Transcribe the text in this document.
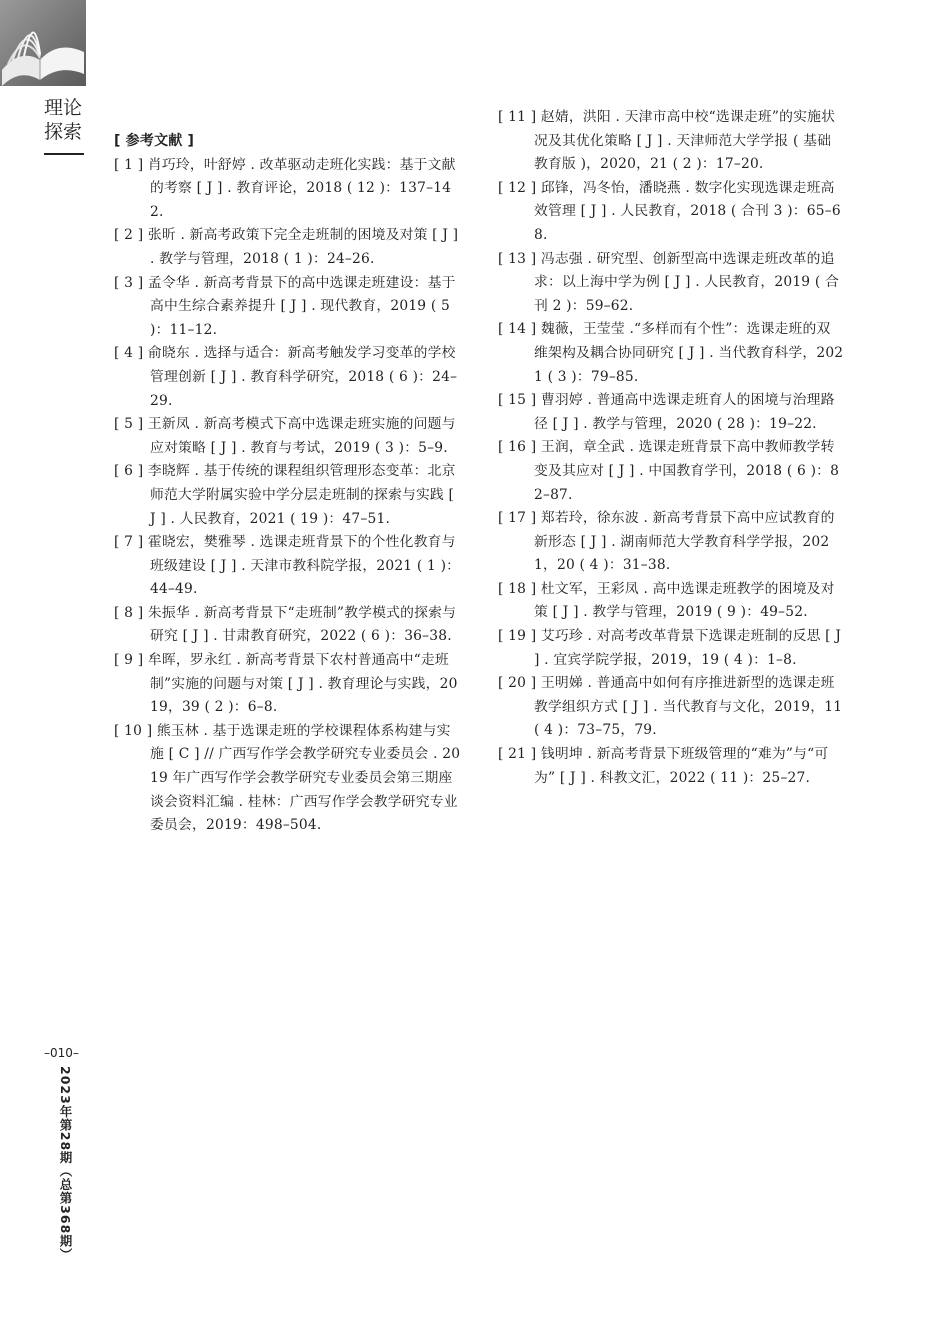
理论探索	[ 参考文献 ]
[ 1 ] 肖巧玲，叶舒婷 . 改革驱动走班化实践：基于文献的考察 [ J ] . 教育评论，2018 ( 12 )：137–142.
[ 2 ] 张昕 . 新高考政策下完全走班制的困境及对策 [ J ] . 教学与管理，2018 ( 1 )：24–26.
[ 3 ] 孟令华 . 新高考背景下的高中选课走班建设：基于高中生综合素养提升 [ J ] . 现代教育，2019 ( 5 )：11–12.
[ 4 ] 俞晓东 . 选择与适合：新高考触发学习变革的学校管理创新 [ J ] . 教育科学研究，2018 ( 6 )：24–29.
[ 5 ] 王新凤 . 新高考模式下高中选课走班实施的问题与应对策略 [ J ] . 教育与考试，2019 ( 3 )：5–9.
[ 6 ] 李晓辉 . 基于传统的课程组织管理形态变革：北京师范大学附属实验中学分层走班制的探索与实践 [ J ] . 人民教育，2021 ( 19 )：47–51.
[ 7 ] 霍晓宏，樊雅琴 . 选课走班背景下的个性化教育与班级建设 [ J ] . 天津市教科院学报，2021 ( 1 )：44–49.
[ 8 ] 朱振华 . 新高考背景下“走班制”教学模式的探索与研究 [ J ] . 甘肃教育研究，2022 ( 6 )：36–38.
[ 9 ] 牟晖，罗永红 . 新高考背景下农村普通高中“走班制”实施的问题与对策 [ J ] . 教育理论与实践，2019，39 ( 2 )：6–8.
[ 10 ] 熊玉林 . 基于选课走班的学校课程体系构建与实施 [ C ] // 广西写作学会教学研究专业委员会 . 2019 年广西写作学会教学研究专业委员会第三期座谈会资料汇编 . 桂林：广西写作学会教学研究专业委员会，2019：498–504.
[ 11 ] 赵婧，洪阳 . 天津市高中校“选课走班”的实施状况及其优化策略 [ J ] . 天津师范大学学报 ( 基础教育版 )，2020，21 ( 2 )：17–20.
[ 12 ] 邱锋，冯冬怡，潘晓燕 . 数字化实现选课走班高效管理 [ J ] . 人民教育，2018 ( 合刊 3 )：65–68.
[ 13 ] 冯志强 . 研究型、创新型高中选课走班改革的追求：以上海中学为例 [ J ] . 人民教育，2019 ( 合刊 2 )：59–62.
[ 14 ] 魏薇，王莹莹 .“多样而有个性”：选课走班的双维架构及耦合协同研究 [ J ] . 当代教育科学，2021 ( 3 )：79–85.
[ 15 ] 曹羽婷 . 普通高中选课走班育人的困境与治理路径 [ J ] . 教学与管理，2020 ( 28 )：19–22.
[ 16 ] 王润，章全武 . 选课走班背景下高中教师教学转变及其应对 [ J ] . 中国教育学刊，2018 ( 6 )：82–87.
[ 17 ] 郑若玲，徐东波 . 新高考背景下高中应试教育的新形态 [ J ] . 湖南师范大学教育科学学报，2021，20 ( 4 )：31–38.
[ 18 ] 杜文军，王彩凤 . 高中选课走班教学的困境及对策 [ J ] . 教学与管理，2019 ( 9 )：49–52.
[ 19 ] 艾巧珍 . 对高考改革背景下选课走班制的反思 [ J ] . 宜宾学院学报，2019，19 ( 4 )：1–8.
[ 20 ] 王明娣 . 普通高中如何有序推进新型的选课走班教学组织方式 [ J ] . 当代教育与文化，2019，11 ( 4 )：73–75，79.
[ 21 ] 钱明坤 . 新高考背景下班级管理的“难为”与“可为” [ J ] . 科教文汇，2022 ( 11 )：25–27.
–010–
2023年第28期（总第368期）
